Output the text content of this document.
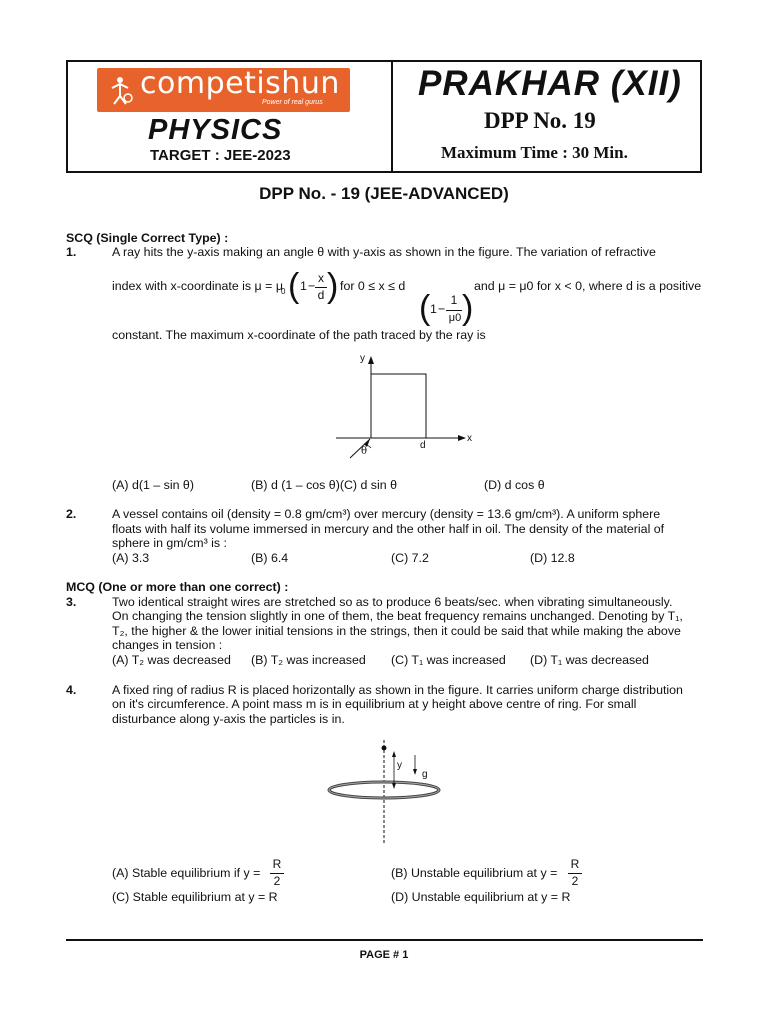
competishun
Power of real gurus
PHYSICS
TARGET : JEE-2023
PRAKHAR (XII)
DPP No. 19
Maximum Time : 30 Min.
DPP No. - 19 (JEE-ADVANCED)
SCQ (Single Correct Type) :
1.	A ray hits the y-axis making an angle θ with y-axis as shown in the figure. The variation of refractive
index with x-coordinate is μ = μ
0 ( 1 −
x
d ) for 0 ≤ x ≤ d	and μ = μ0 for x < 0, where d is a positive
( 1 −
1
μ0 )
constant. The maximum x-coordinate of the path traced by the ray is
y
x
d
θ
(A) d(1 – sin θ)	(B) d (1 – cos θ)(C) d sin θ	(D) d cos θ
2.	A vessel contains oil (density = 0.8 gm/cm³) over mercury (density = 13.6 gm/cm³). A uniform sphere
floats with half its volume immersed in mercury and the other half in oil. The density of the material of
sphere in gm/cm³ is :
(A) 3.3	(B) 6.4	(C) 7.2	(D) 12.8
MCQ (One or more than one correct) :
3.	Two identical straight wires are stretched so as to produce 6 beats/sec. when vibrating simultaneously.
On changing the tension slightly in one of them, the beat frequency remains unchanged. Denoting by T₁,
T₂, the higher & the lower initial tensions in the strings, then it could be said that while making the above
changes in tension :
(A) T₂ was decreased (B) T₂ was increased (C) T₁ was increased (D) T₁ was decreased
4.	A fixed ring of radius R is placed horizontally as shown in the figure. It carries uniform charge distribution
on it's circumference. A point mass m is in equilibrium at y height above centre of ring. For small
disturbance along y-axis the particles is in.
y
g
(A) Stable equilibrium if y =
R
2
(B) Unstable equilibrium at y =
R
2
(C) Stable equilibrium at y = R	(D) Unstable equilibrium at y = R
PAGE # 1
